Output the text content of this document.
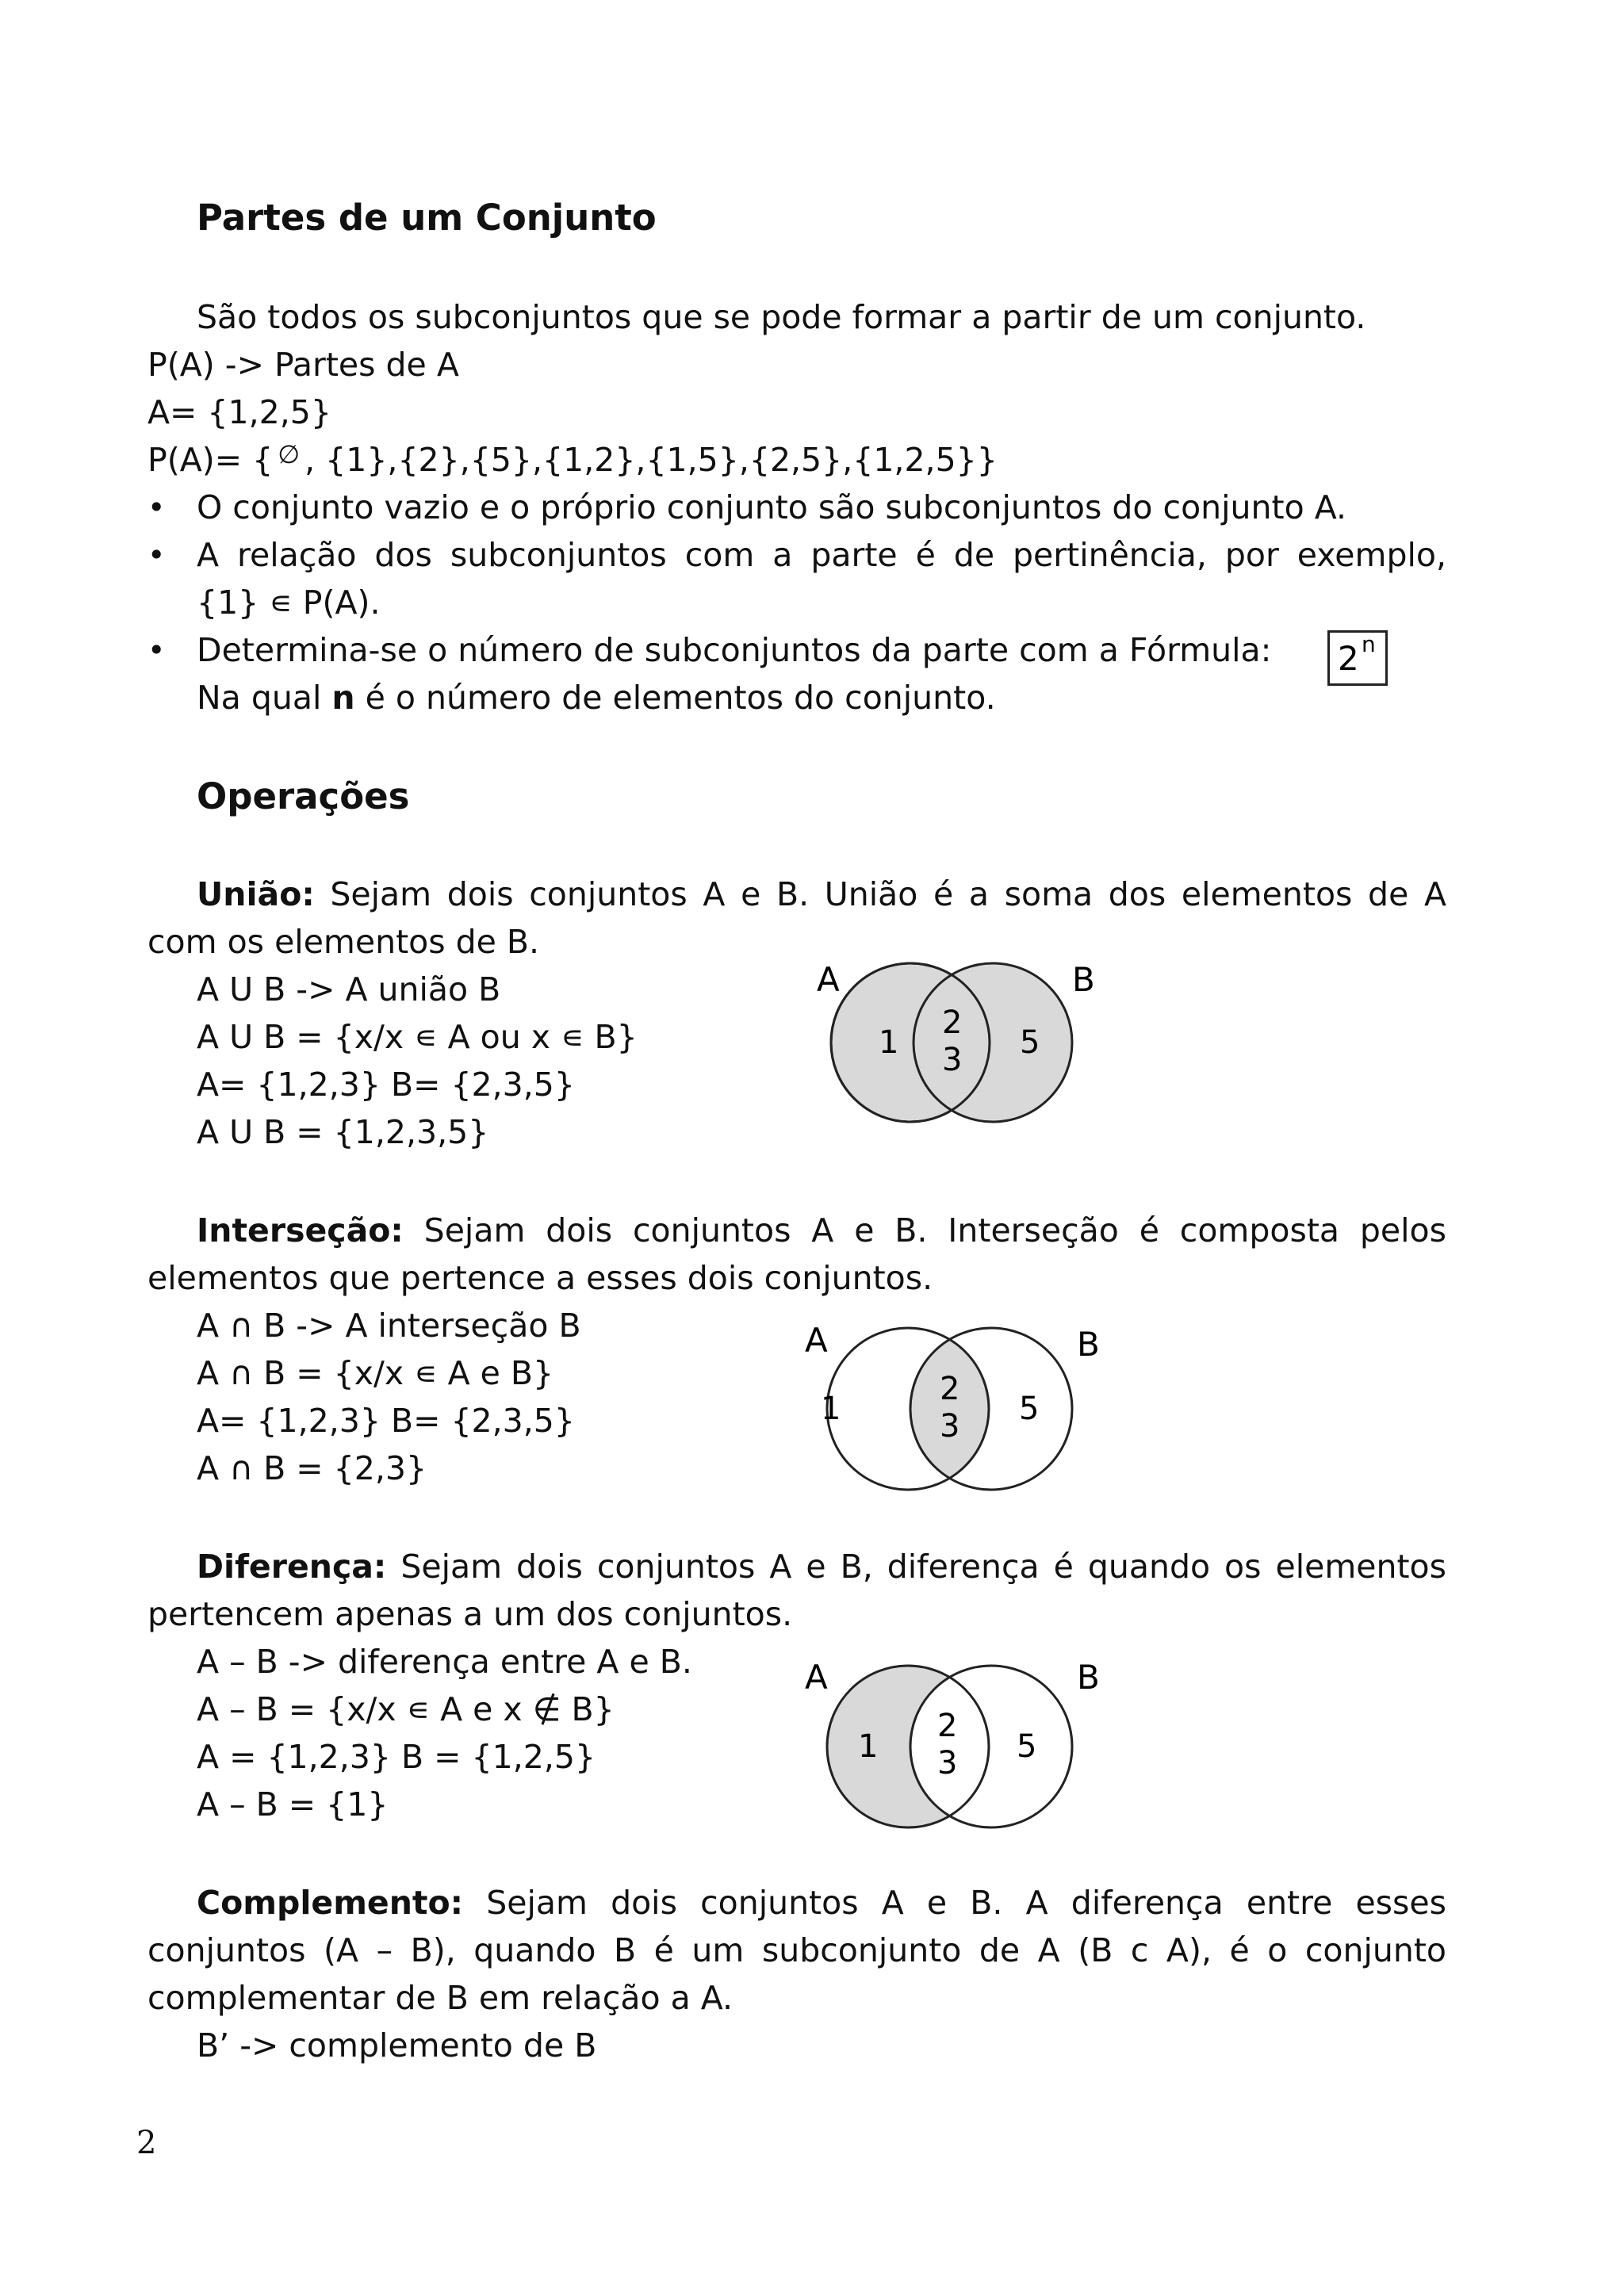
Partes de um Conjunto
São todos os subconjuntos que se pode formar a partir de um conjunto.
P(A) -> Partes de A
A= {1,2,5}
P(A)= { ∅ , {1},{2},{5},{1,2},{1,5},{2,5},{1,2,5}}
• O conjunto vazio e o próprio conjunto são subconjuntos do conjunto A.
• A relação dos subconjuntos com a parte é de pertinência, por exemplo,
{1} ∊ P(A).
• Determina-se o número de subconjuntos da parte com a Fórmula: 2 n
Na qual n é o número de elementos do conjunto.
Operações
União: Sejam dois conjuntos A e B. União é a soma dos elementos de A
com os elementos de B.
A U B -> A união B
A U B = {x/x ∊ A ou x ∊ B}
A= {1,2,3} B= {2,3,5}
A U B = {1,2,3,5}
A	B
1
2
3 5
Interseção: Sejam dois conjuntos A e B. Interseção é composta pelos
elementos que pertence a esses dois conjuntos.
A ∩ B -> A interseção B
A ∩ B = {x/x ∊ A e B}
A= {1,2,3} B= {2,3,5}
A ∩ B = {2,3}
A	B
1
2
3 5
Diferença: Sejam dois conjuntos A e B, diferença é quando os elementos
pertencem apenas a um dos conjuntos.
A – B -> diferença entre A e B.
A – B = {x/x ∊ A e x ∉ B}
A = {1,2,3} B = {1,2,5}
A – B = {1}
A	B
1
2
3 5
Complemento: Sejam dois conjuntos A e B. A diferença entre esses
conjuntos (A – B), quando B é um subconjunto de A (B c A), é o conjunto
complementar de B em relação a A.
B’ -> complemento de B
2
